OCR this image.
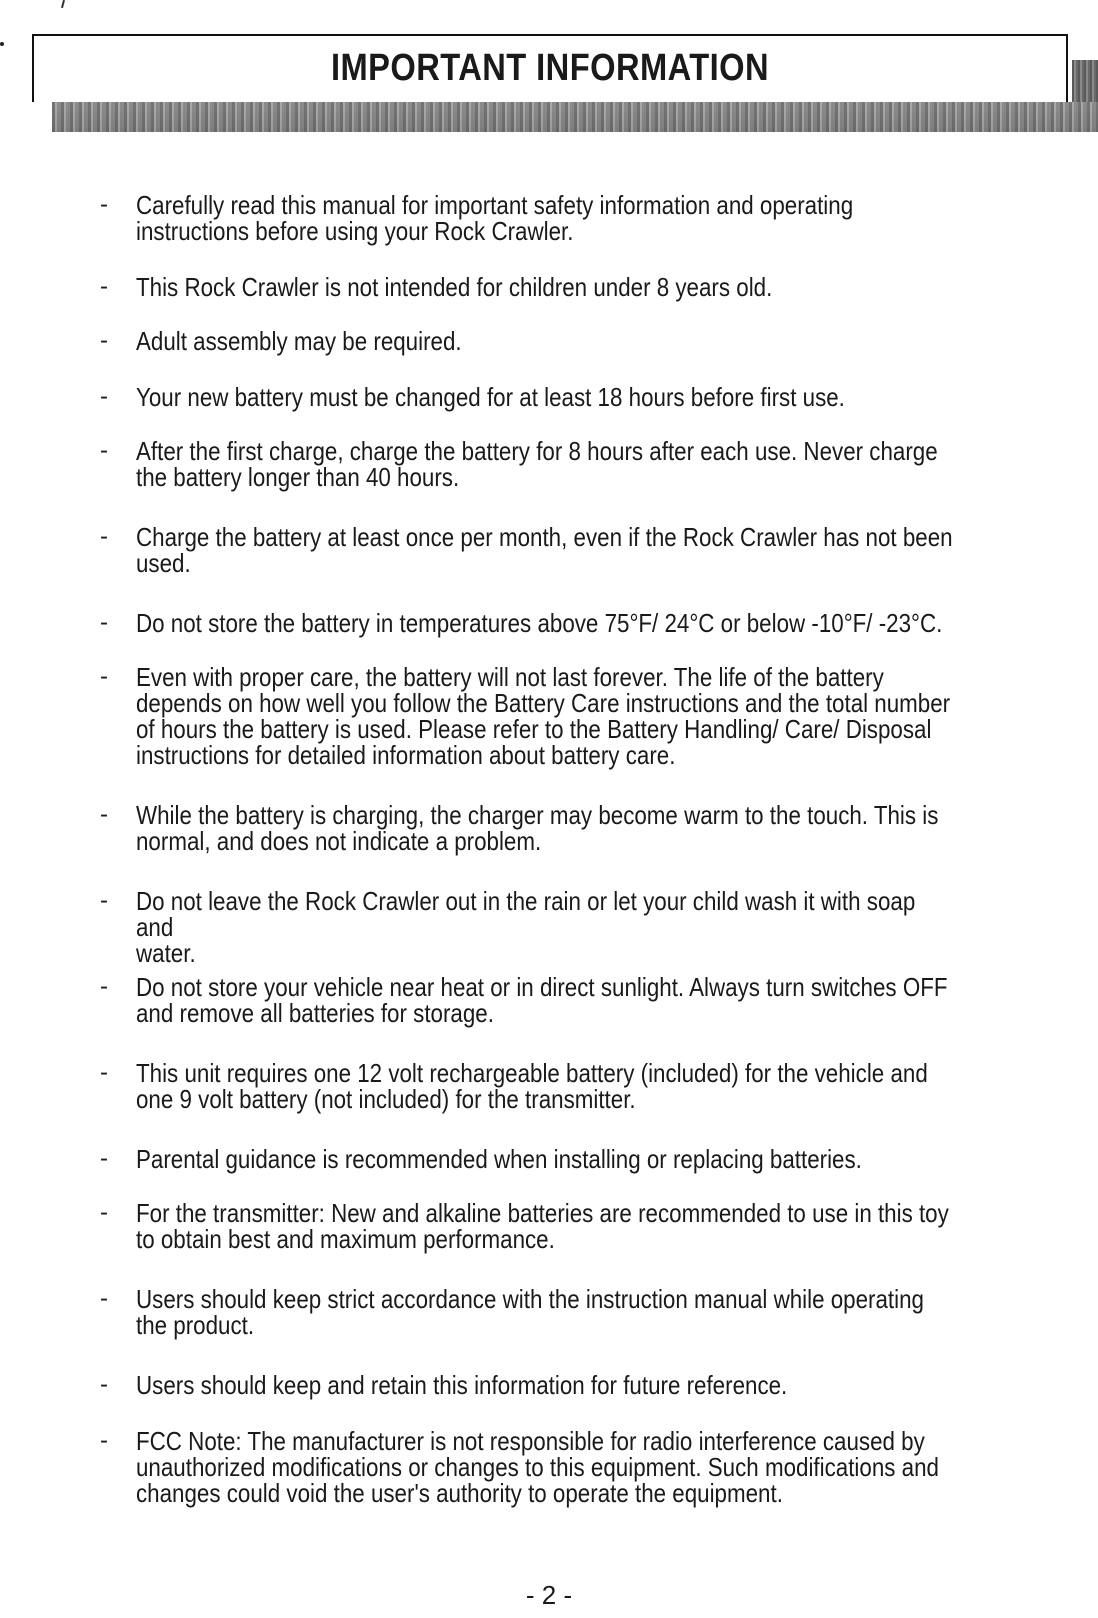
IMPORTANT INFORMATION
-	Carefully read this manual for important safety information and operating
instructions before using your Rock Crawler.
-	This Rock Crawler is not intended for children under 8 years old.
-	Adult assembly may be required.
-	Your new battery must be changed for at least 18 hours before first use.
-	After the first charge, charge the battery for 8 hours after each use. Never charge
the battery longer than 40 hours.
-	Charge the battery at least once per month, even if the Rock Crawler has not been
used.
-	Do not store the battery in temperatures above 75°F/ 24°C or below -10°F/ -23°C.
-	Even with proper care, the battery will not last forever. The life of the battery
depends on how well you follow the Battery Care instructions and the total number
of hours the battery is used. Please refer to the Battery Handling/ Care/ Disposal
instructions for detailed information about battery care.
-	While the battery is charging, the charger may become warm to the touch. This is
normal, and does not indicate a problem.
-	Do not leave the Rock Crawler out in the rain or let your child wash it with soap and
water.
-	Do not store your vehicle near heat or in direct sunlight. Always turn switches OFF
and remove all batteries for storage.
-	This unit requires one 12 volt rechargeable battery (included) for the vehicle and
one 9 volt battery (not included) for the transmitter.
-	Parental guidance is recommended when installing or replacing batteries.
-	For the transmitter: New and alkaline batteries are recommended to use in this toy
to obtain best and maximum performance.
-	Users should keep strict accordance with the instruction manual while operating
the product.
-	Users should keep and retain this information for future reference.
-	FCC Note: The manufacturer is not responsible for radio interference caused by
unauthorized modifications or changes to this equipment. Such modifications and
changes could void the user's authority to operate the equipment.
- 2 -
